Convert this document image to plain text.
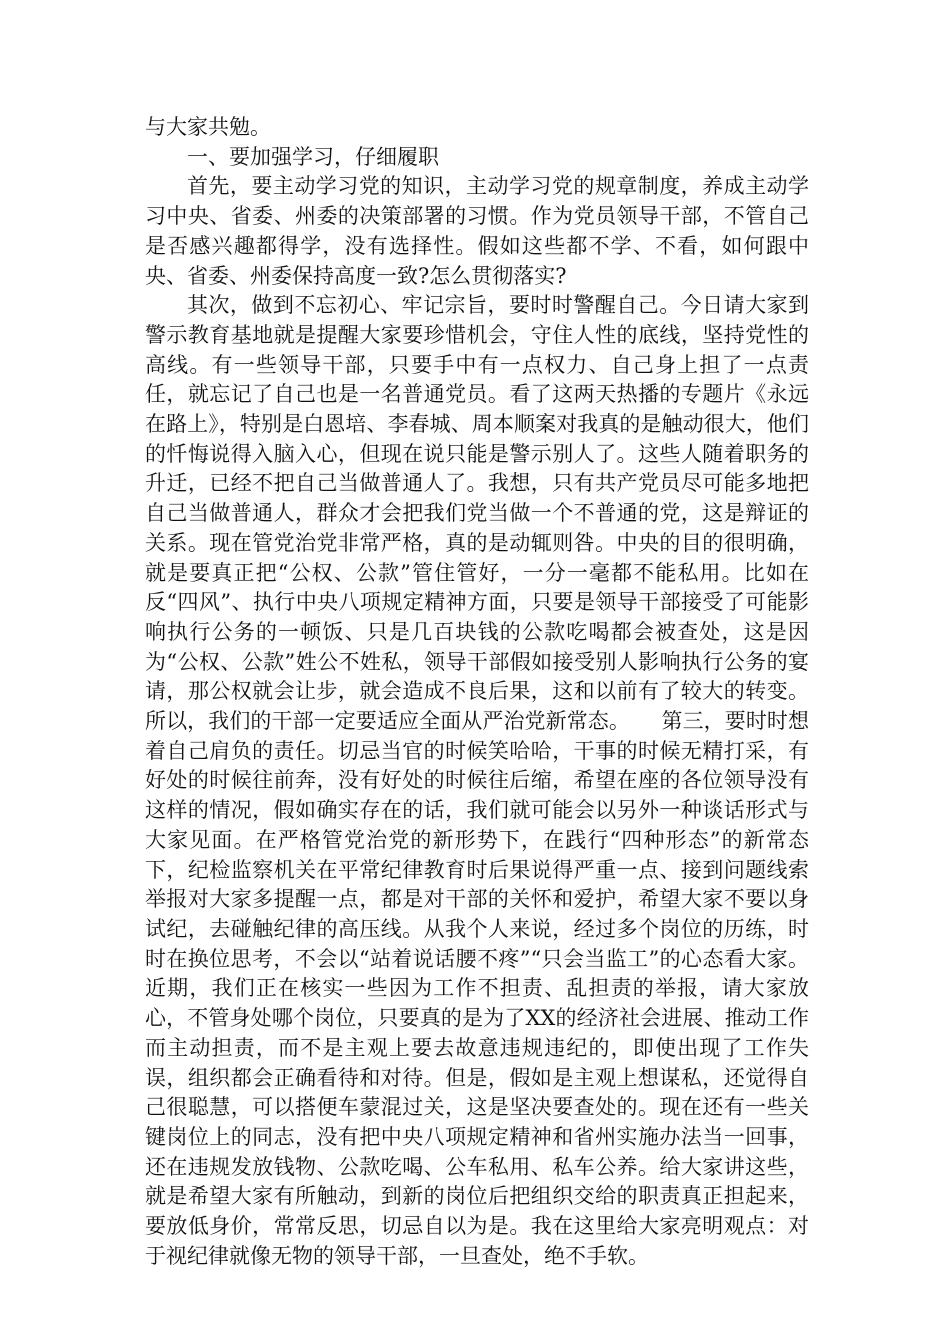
与大家共勉。

一、要加强学习，仔细履职

首先，要主动学习党的知识，主动学习党的规章制度，养成主动学习中央、省委、州委的决策部署的习惯。作为党员领导干部，不管自己是否感兴趣都得学，没有选择性。假如这些都不学、不看，如何跟中央、省委、州委保持高度一致?怎么贯彻落实?

其次，做到不忘初心、牢记宗旨，要时时警醒自己。今日请大家到警示教育基地就是提醒大家要珍惜机会，守住人性的底线，坚持党性的高线。有一些领导干部，只要手中有一点权力、自己身上担了一点责任，就忘记了自己也是一名普通党员。看了这两天热播的专题片《永远在路上》，特别是白恩培、李春城、周本顺案对我真的是触动很大，他们的忏悔说得入脑入心，但现在说只能是警示别人了。这些人随着职务的升迁，已经不把自己当做普通人了。我想，只有共产党员尽可能多地把自己当做普通人，群众才会把我们党当做一个不普通的党，这是辩证的关系。现在管党治党非常严格，真的是动辄则咎。中央的目的很明确，就是要真正把“公权、公款”管住管好，一分一毫都不能私用。比如在反“四风”、执行中央八项规定精神方面，只要是领导干部接受了可能影响执行公务的一顿饭、只是几百块钱的公款吃喝都会被查处，这是因为“公权、公款”姓公不姓私，领导干部假如接受别人影响执行公务的宴请，那公权就会让步，就会造成不良后果，这和以前有了较大的转变。所以，我们的干部一定要适应全面从严治党新常态。 第三，要时时想着自己肩负的责任。切忌当官的时候笑哈哈，干事的时候无精打采，有好处的时候往前奔，没有好处的时候往后缩，希望在座的各位领导没有这样的情况，假如确实存在的话，我们就可能会以另外一种谈话形式与大家见面。在严格管党治党的新形势下，在践行“四种形态”的新常态下，纪检监察机关在平常纪律教育时后果说得严重一点、接到问题线索举报对大家多提醒一点，都是对干部的关怀和爱护，希望大家不要以身试纪，去碰触纪律的高压线。从我个人来说，经过多个岗位的历练，时时在换位思考，不会以“站着说话腰不疼”“只会当监工”的心态看大家。近期，我们正在核实一些因为工作不担责、乱担责的举报，请大家放心，不管身处哪个岗位，只要真的是为了XX的经济社会进展、推动工作而主动担责，而不是主观上要去故意违规违纪的，即使出现了工作失误，组织都会正确看待和对待。但是，假如是主观上想谋私，还觉得自己很聪慧，可以搭便车蒙混过关，这是坚决要查处的。现在还有一些关键岗位上的同志，没有把中央八项规定精神和省州实施办法当一回事，还在违规发放钱物、公款吃喝、公车私用、私车公养。给大家讲这些，就是希望大家有所触动，到新的岗位后把组织交给的职责真正担起来，要放低身价，常常反思，切忌自以为是。我在这里给大家亮明观点：对于视纪律就像无物的领导干部，一旦查处，绝不手软。
